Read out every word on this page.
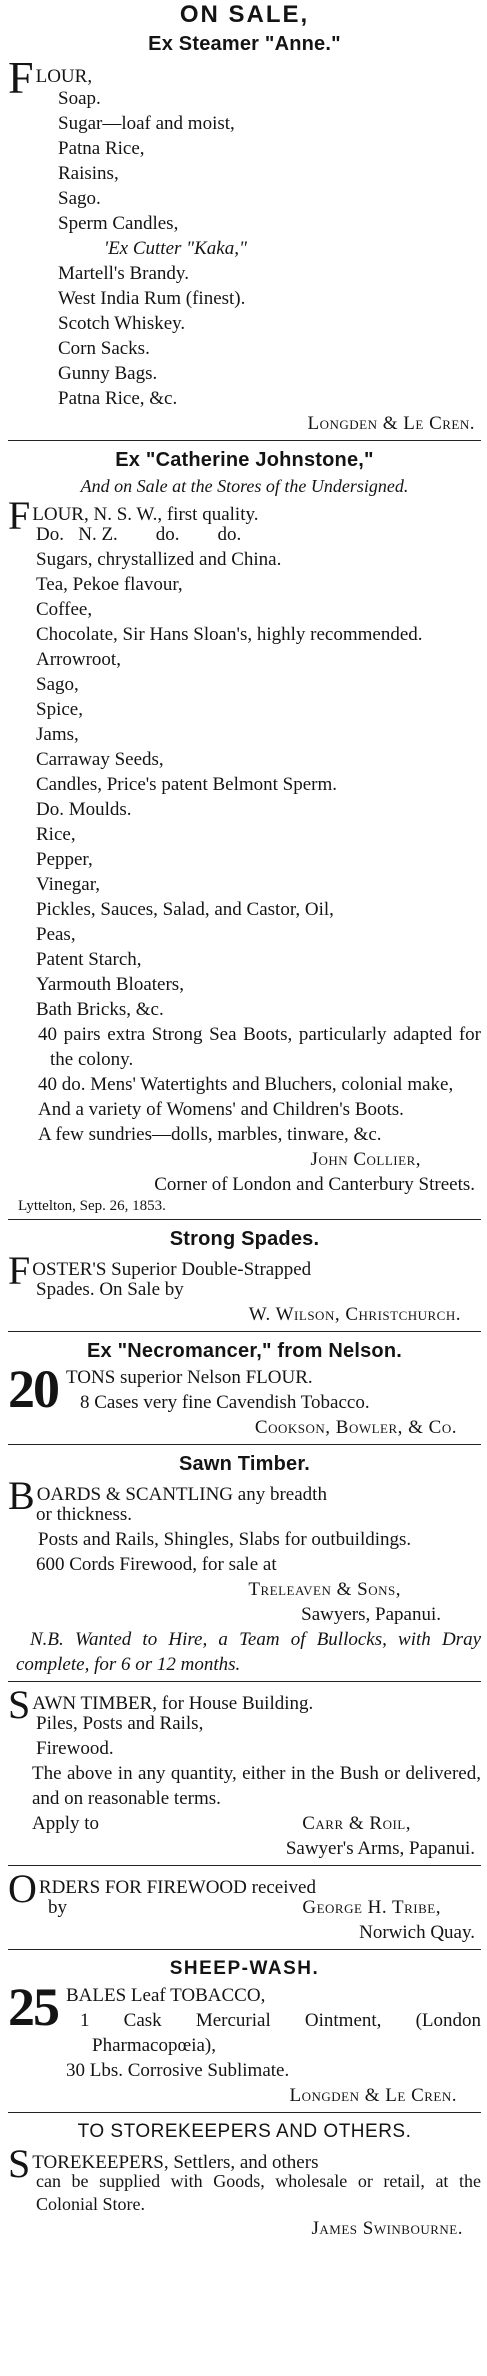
ON SALE,
Ex Steamer "Anne."
F LOUR,
Soap.
Sugar—loaf and moist,
Patna Rice,
Raisins,
Sago.
Sperm Candles,
'Ex Cutter "Kaka,"
Martell's Brandy.
West India Rum (finest).
Scotch Whiskey.
Corn Sacks.
Gunny Bags.
Patna Rice, &c.
Longden & Le Cren.
Ex "Catherine Johnstone,"
And on Sale at the Stores of the Undersigned.
F LOUR, N. S. W., first quality.
Do.   N. Z.        do.        do.
Sugars, chrystallized and China.
Tea, Pekoe flavour,
Coffee,
Chocolate, Sir Hans Sloan's, highly recommended.
Arrowroot,
Sago,
Spice,
Jams,
Carraway Seeds,
Candles, Price's patent Belmont Sperm.
Do. Moulds.
Rice,
Pepper,
Vinegar,
Pickles, Sauces, Salad, and Castor, Oil,
Peas,
Patent Starch,
Yarmouth Bloaters,
Bath Bricks, &c.
40 pairs extra Strong Sea Boots, particularly adapted for the colony.
40 do. Mens' Watertights and Bluchers, colonial make,
And a variety of Womens' and Children's Boots.
A few sundries—dolls, marbles, tinware, &c.
John Collier,
Corner of London and Canterbury Streets.
Lyttelton, Sep. 26, 1853.
Strong Spades.
F OSTER'S Superior Double-Strapped
Spades. On Sale by
W. Wilson, Christchurch.
Ex "Necromancer," from Nelson.
20 TONS superior Nelson FLOUR.
8 Cases very fine Cavendish Tobacco.
Cookson, Bowler, & Co.
Sawn Timber.
B OARDS & SCANTLING any breadth
or thickness.
Posts and Rails, Shingles, Slabs for outbuildings.
600 Cords Firewood, for sale at
Treleaven & Sons,
Sawyers, Papanui.
N.B. Wanted to Hire, a Team of Bullocks, with Dray complete, for 6 or 12 months.
S AWN TIMBER, for House Building.
Piles, Posts and Rails,
Firewood.
The above in any quantity, either in the Bush or delivered, and on reasonable terms.
Apply to	Carr & Roil,
Sawyer's Arms, Papanui.
O RDERS FOR FIREWOOD received
by	George H. Tribe,
Norwich Quay.
SHEEP-WASH.
25 BALES Leaf TOBACCO,
1 Cask Mercurial Ointment, (London Pharmacopœia),
30 Lbs. Corrosive Sublimate.
Longden & Le Cren.
TO STOREKEEPERS AND OTHERS.
S TOREKEEPERS, Settlers, and others
can be supplied with Goods, wholesale or retail, at the Colonial Store.
James Swinbourne.
